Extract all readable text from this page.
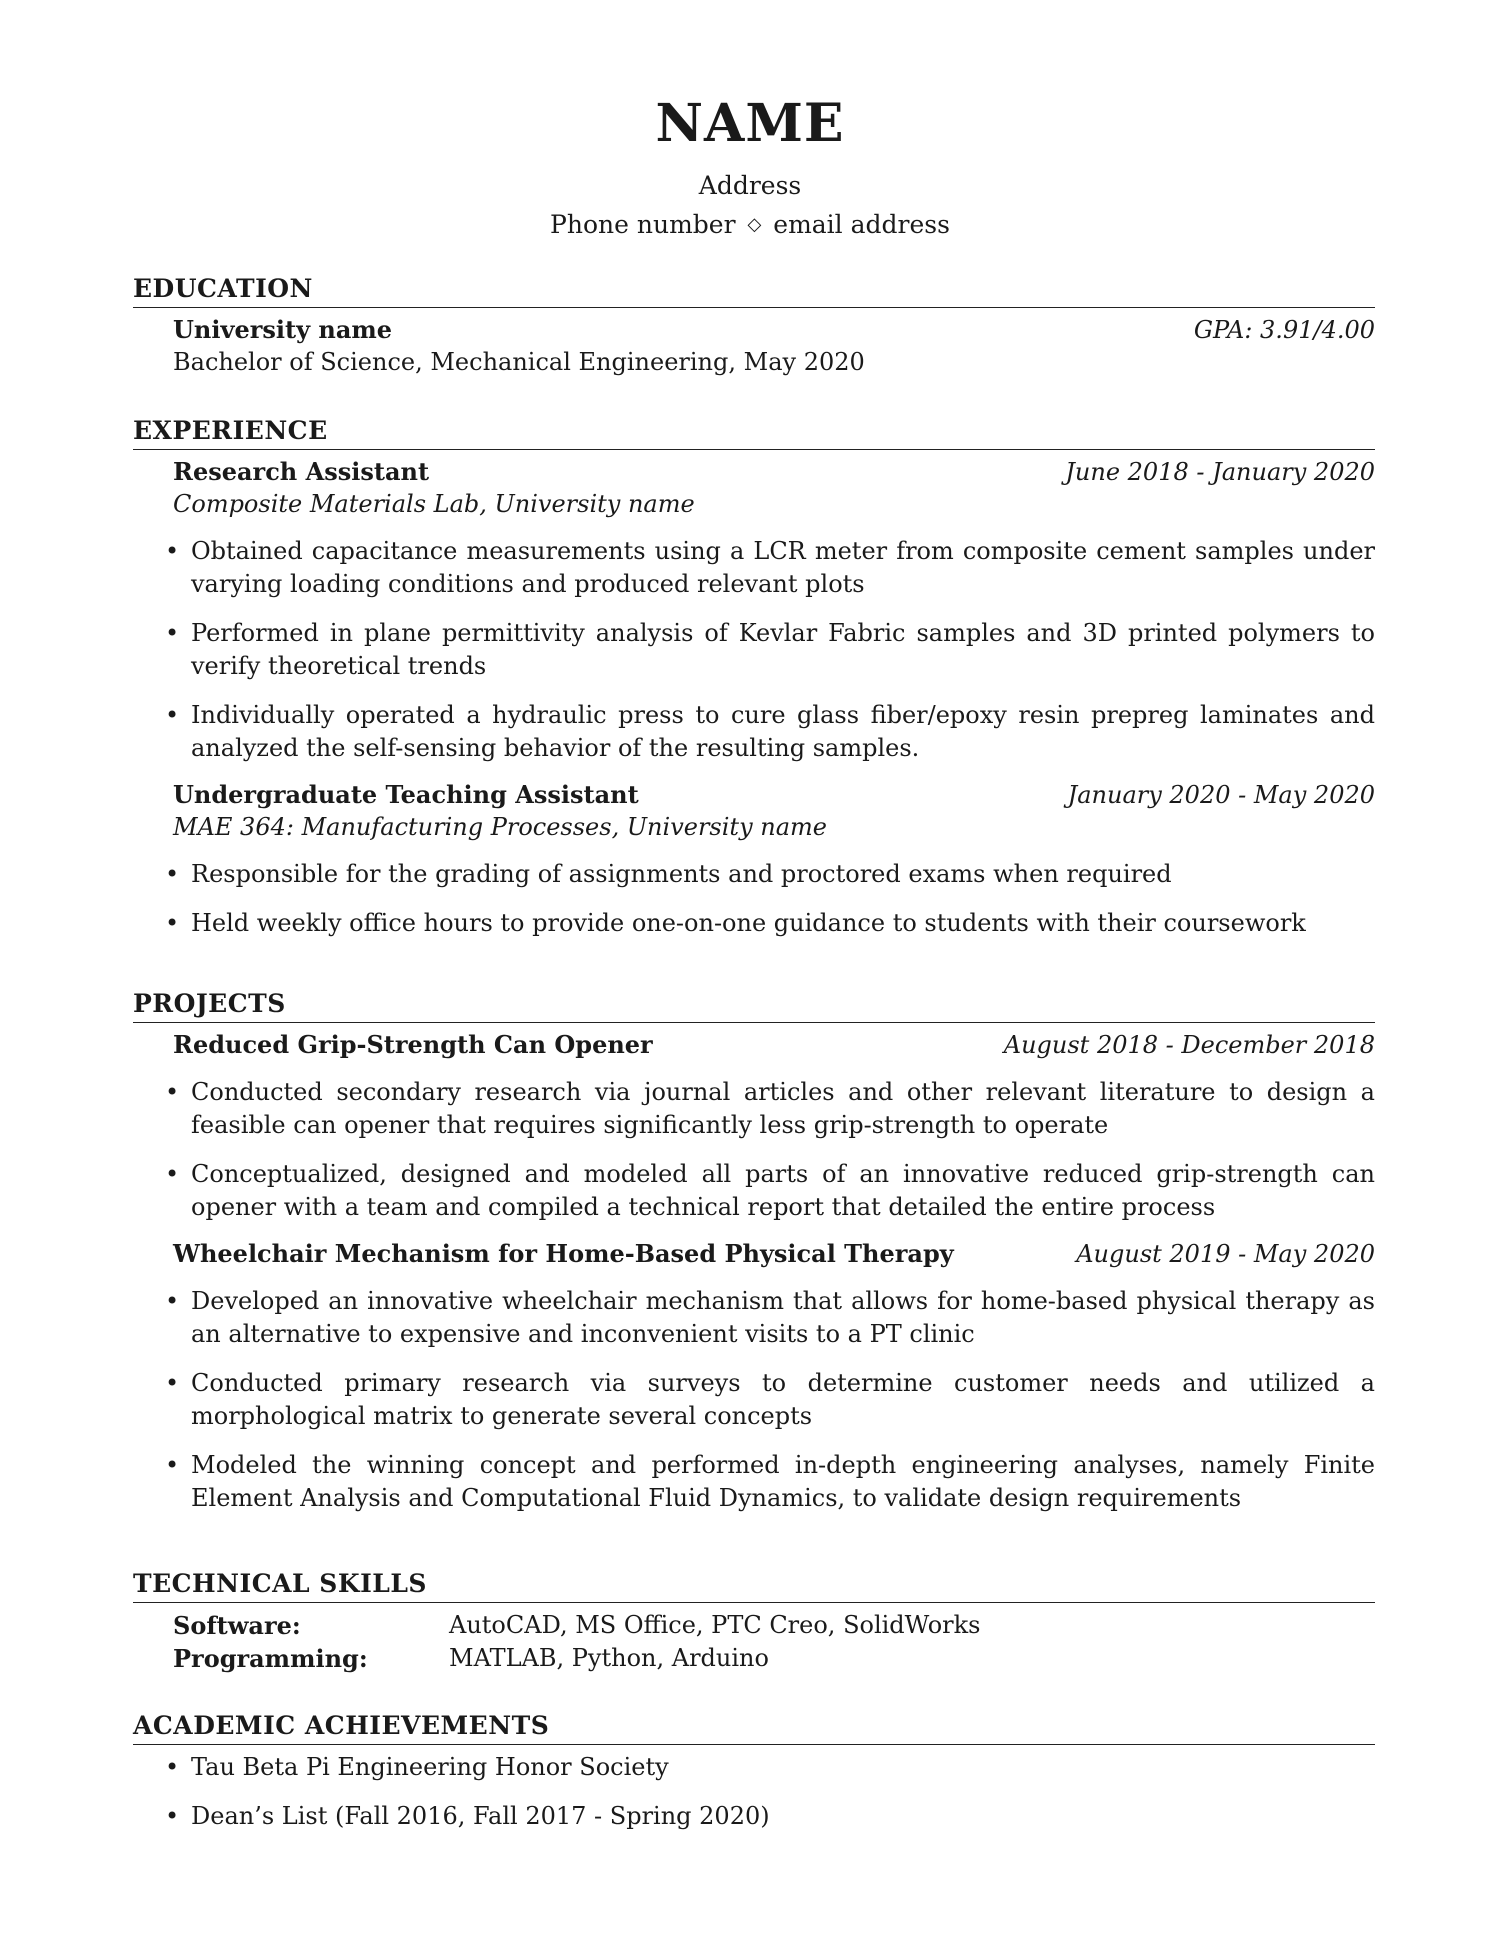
NAME
Address
Phone number ◇ email address
EDUCATION
University name	GPA: 3.91/4.00
Bachelor of Science, Mechanical Engineering, May 2020
EXPERIENCE
Research Assistant	June 2018 - January 2020
Composite Materials Lab, University name
• Obtained capacitance measurements using a LCR meter from composite cement samples under varying loading conditions and produced relevant plots
• Performed in plane permittivity analysis of Kevlar Fabric samples and 3D printed polymers to verify theoretical trends
• Individually operated a hydraulic press to cure glass fiber/epoxy resin prepreg laminates and analyzed the self-sensing behavior of the resulting samples.
Undergraduate Teaching Assistant	January 2020 - May 2020
MAE 364: Manufacturing Processes, University name
• Responsible for the grading of assignments and proctored exams when required
• Held weekly office hours to provide one-on-one guidance to students with their coursework
PROJECTS
Reduced Grip-Strength Can Opener	August 2018 - December 2018
• Conducted secondary research via journal articles and other relevant literature to design a feasible can opener that requires significantly less grip-strength to operate
• Conceptualized, designed and modeled all parts of an innovative reduced grip-strength can opener with a team and compiled a technical report that detailed the entire process
Wheelchair Mechanism for Home-Based Physical Therapy	August 2019 - May 2020
• Developed an innovative wheelchair mechanism that allows for home-based physical therapy as an alternative to expensive and inconvenient visits to a PT clinic
• Conducted primary research via surveys to determine customer needs and utilized a morphological matrix to generate several concepts
• Modeled the winning concept and performed in-depth engineering analyses, namely Finite Element Analysis and Computational Fluid Dynamics, to validate design requirements
TECHNICAL SKILLS
Software:	AutoCAD, MS Office, PTC Creo, SolidWorks
Programming:	MATLAB, Python, Arduino
ACADEMIC ACHIEVEMENTS
• Tau Beta Pi Engineering Honor Society
• Dean’s List (Fall 2016, Fall 2017 - Spring 2020)
